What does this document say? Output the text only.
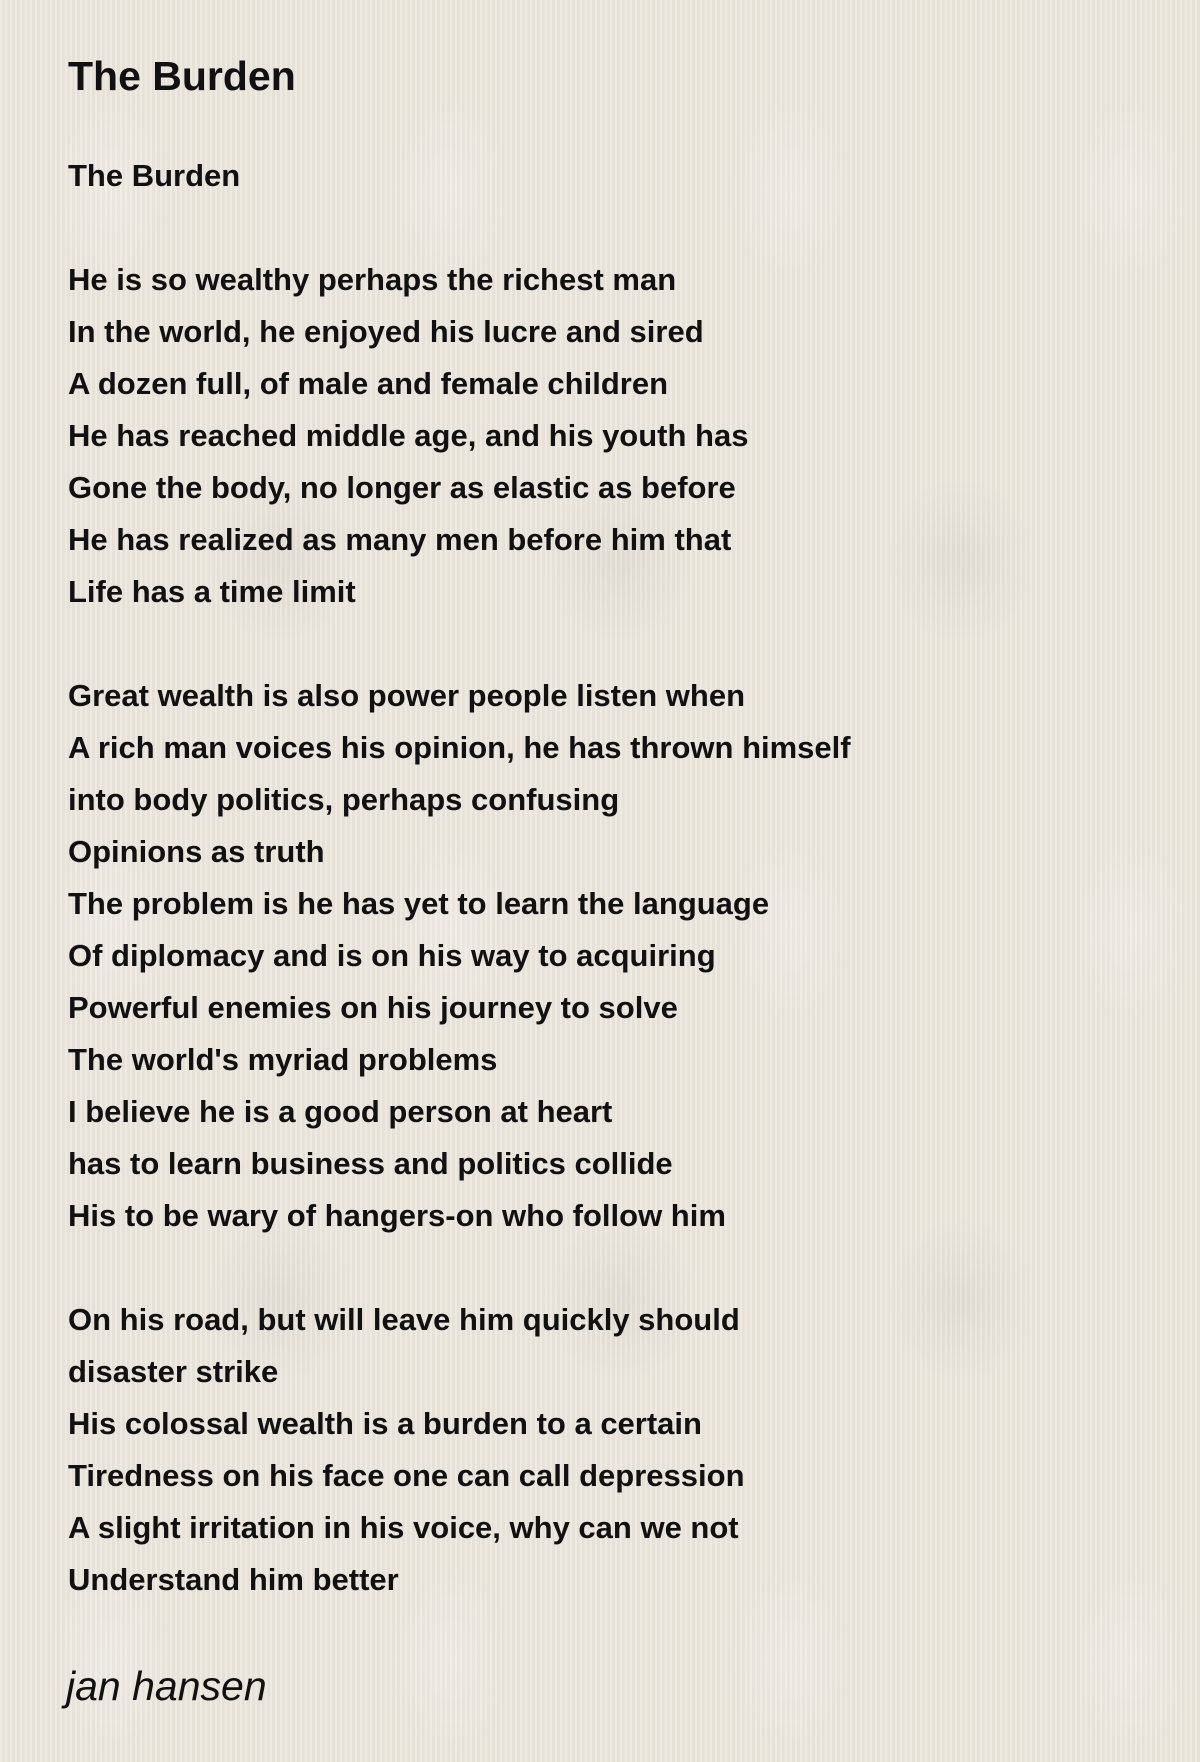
The Burden
The Burden
He is so wealthy perhaps the richest man
In the world, he enjoyed his lucre and sired
A dozen full, of male and female children
He has reached middle age, and his youth has
Gone the body, no longer as elastic as before
He has realized as many men before him that
Life has a time limit
Great wealth is also power people listen when
A rich man voices his opinion, he has thrown himself
into body politics, perhaps confusing
Opinions as truth
The problem is he has yet to learn the language
Of diplomacy and is on his way to acquiring
Powerful enemies on his journey to solve
The world's myriad problems
I believe he is a good person at heart
has to learn business and politics collide
His to be wary of hangers-on who follow him
On his road, but will leave him quickly should
disaster strike
His colossal wealth is a burden to a certain
Tiredness on his face one can call depression
A slight irritation in his voice, why can we not
Understand him better
jan hansen
